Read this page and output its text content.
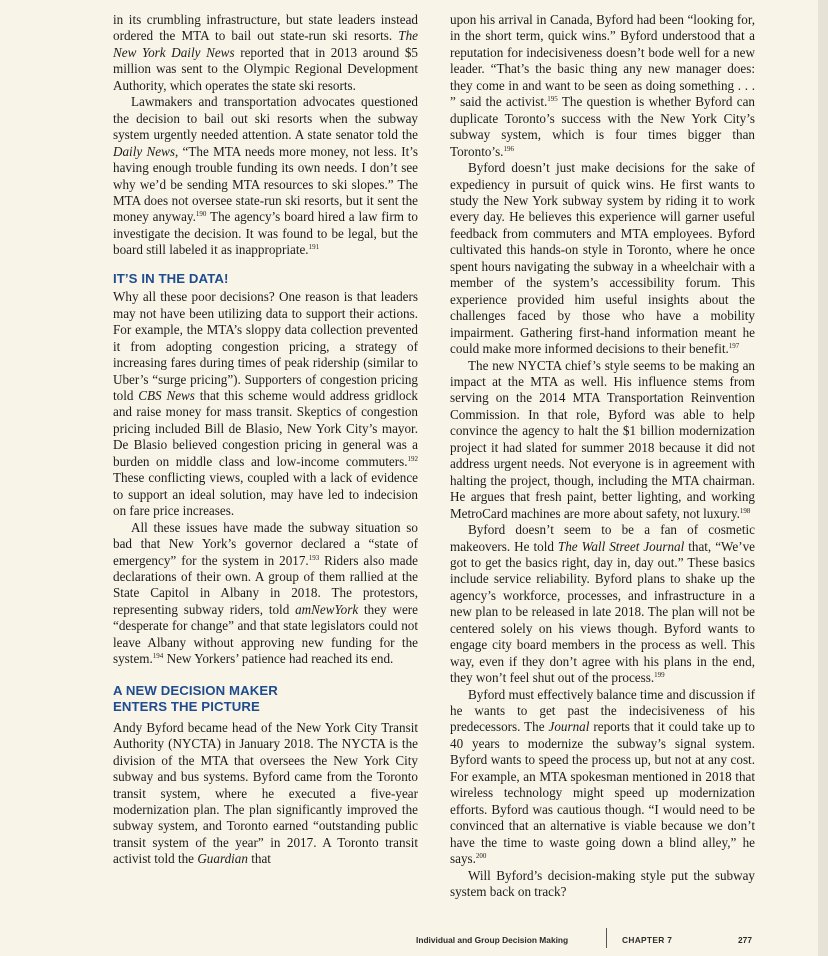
in its crumbling infrastructure, but state leaders instead ordered the MTA to bail out state-run ski resorts. The New York Daily News reported that in 2013 around $5 million was sent to the Olympic Regional Development Authority, which operates the state ski resorts.

Lawmakers and transportation advocates questioned the decision to bail out ski resorts when the subway system urgently needed attention. A state senator told the Daily News, “The MTA needs more money, not less. It’s having enough trouble funding its own needs. I don’t see why we’d be sending MTA resources to ski slopes.” The MTA does not oversee state-run ski resorts, but it sent the money anyway.$^{190}$ The agency’s board hired a law firm to investigate the decision. It was found to be legal, but the board still labeled it as inappropriate.$^{191}$

IT’S IN THE DATA!

Why all these poor decisions? One reason is that leaders may not have been utilizing data to support their actions. For example, the MTA’s sloppy data collection prevented it from adopting congestion pricing, a strategy of increasing fares during times of peak ridership (similar to Uber’s “surge pricing”). Supporters of congestion pricing told CBS News that this scheme would address gridlock and raise money for mass transit. Skeptics of congestion pricing included Bill de Blasio, New York City’s mayor. De Blasio believed congestion pricing in general was a burden on middle class and low-income commuters.$^{192}$ These conflicting views, coupled with a lack of evidence to support an ideal solution, may have led to indecision on fare price increases.

All these issues have made the subway situation so bad that New York’s governor declared a “state of emergency” for the system in 2017.$^{193}$ Riders also made declarations of their own. A group of them rallied at the State Capitol in Albany in 2018. The protestors, representing subway riders, told amNewYork they were “desperate for change” and that state legislators could not leave Albany without approving new funding for the system.$^{194}$ New Yorkers’ patience had reached its end.

A NEW DECISION MAKER
ENTERS THE PICTURE

Andy Byford became head of the New York City Transit Authority (NYCTA) in January 2018. The NYCTA is the division of the MTA that oversees the New York City subway and bus systems. Byford came from the Toronto transit system, where he executed a five-year modernization plan. The plan significantly improved the subway system, and Toronto earned “outstanding public transit system of the year” in 2017. A Toronto transit activist told the Guardian that

upon his arrival in Canada, Byford had been “looking for, in the short term, quick wins.” Byford understood that a reputation for indecisiveness doesn’t bode well for a new leader. “That’s the basic thing any new manager does: they come in and want to be seen as doing something . . . ” said the activist.$^{195}$ The question is whether Byford can duplicate Toronto’s success with the New York City’s subway system, which is four times bigger than Toronto’s.$^{196}$

Byford doesn’t just make decisions for the sake of expediency in pursuit of quick wins. He first wants to study the New York subway system by riding it to work every day. He believes this experience will garner useful feedback from commuters and MTA employees. Byford cultivated this hands-on style in Toronto, where he once spent hours navigating the subway in a wheelchair with a member of the system’s accessibility forum. This experience provided him useful insights about the challenges faced by those who have a mobility impairment. Gathering first-hand information meant he could make more informed decisions to their benefit.$^{197}$

The new NYCTA chief’s style seems to be making an impact at the MTA as well. His influence stems from serving on the 2014 MTA Transportation Reinvention Commission. In that role, Byford was able to help convince the agency to halt the $1 billion modernization project it had slated for summer 2018 because it did not address urgent needs. Not everyone is in agreement with halting the project, though, including the MTA chairman. He argues that fresh paint, better lighting, and working MetroCard machines are more about safety, not luxury.$^{198}$

Byford doesn’t seem to be a fan of cosmetic makeovers. He told The Wall Street Journal that, “We’ve got to get the basics right, day in, day out.” These basics include service reliability. Byford plans to shake up the agency’s workforce, processes, and infrastructure in a new plan to be released in late 2018. The plan will not be centered solely on his views though. Byford wants to engage city board members in the process as well. This way, even if they don’t agree with his plans in the end, they won’t feel shut out of the process.$^{199}$

Byford must effectively balance time and discussion if he wants to get past the indecisiveness of his predecessors. The Journal reports that it could take up to 40 years to modernize the subway’s signal system. Byford wants to speed the process up, but not at any cost. For example, an MTA spokesman mentioned in 2018 that wireless technology might speed up modernization efforts. Byford was cautious though. “I would need to be convinced that an alternative is viable because we don’t have the time to waste going down a blind alley,” he says.$^{200}$

Will Byford’s decision-making style put the subway system back on track?

Individual and Group Decision Making	CHAPTER 7	277
